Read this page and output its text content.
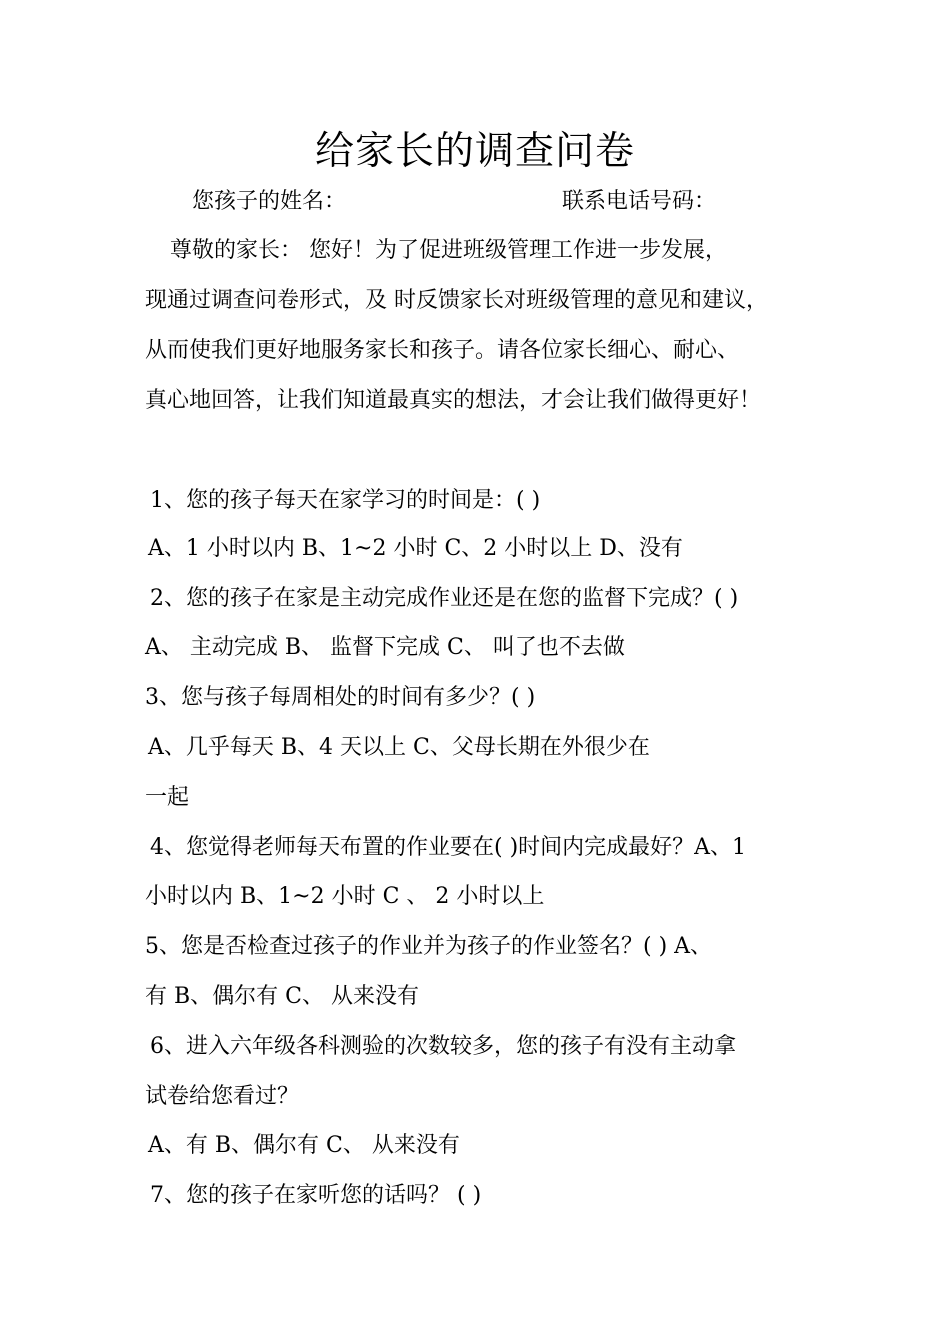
给家长的调查问卷
您孩子的姓名：	联系电话号码：
尊敬的家长： 您好！为了促进班级管理工作进一步发展，
现通过调查问卷形式，及 时反馈家长对班级管理的意见和建议，
从而使我们更好地服务家长和孩子。请各位家长细心、耐心、
真心地回答，让我们知道最真实的想法，才会让我们做得更好！
1、您的孩子每天在家学习的时间是：( )
A、1 小时以内 B、1~2 小时 C、2 小时以上 D、没有
2、您的孩子在家是主动完成作业还是在您的监督下完成？( )
A、 主动完成 B、 监督下完成 C、 叫了也不去做
3、您与孩子每周相处的时间有多少？( )
A、几乎每天 B、4 天以上 C、父母长期在外很少在
一起
4、您觉得老师每天布置的作业要在( )时间内完成最好？A、1
小时以内 B、1~2 小时 C 、 2 小时以上
5、您是否检查过孩子的作业并为孩子的作业签名？( ) A、
有 B、偶尔有 C、 从来没有
6、进入六年级各科测验的次数较多，您的孩子有没有主动拿
试卷给您看过？
A、有 B、偶尔有 C、 从来没有
7、您的孩子在家听您的话吗？ ( )
